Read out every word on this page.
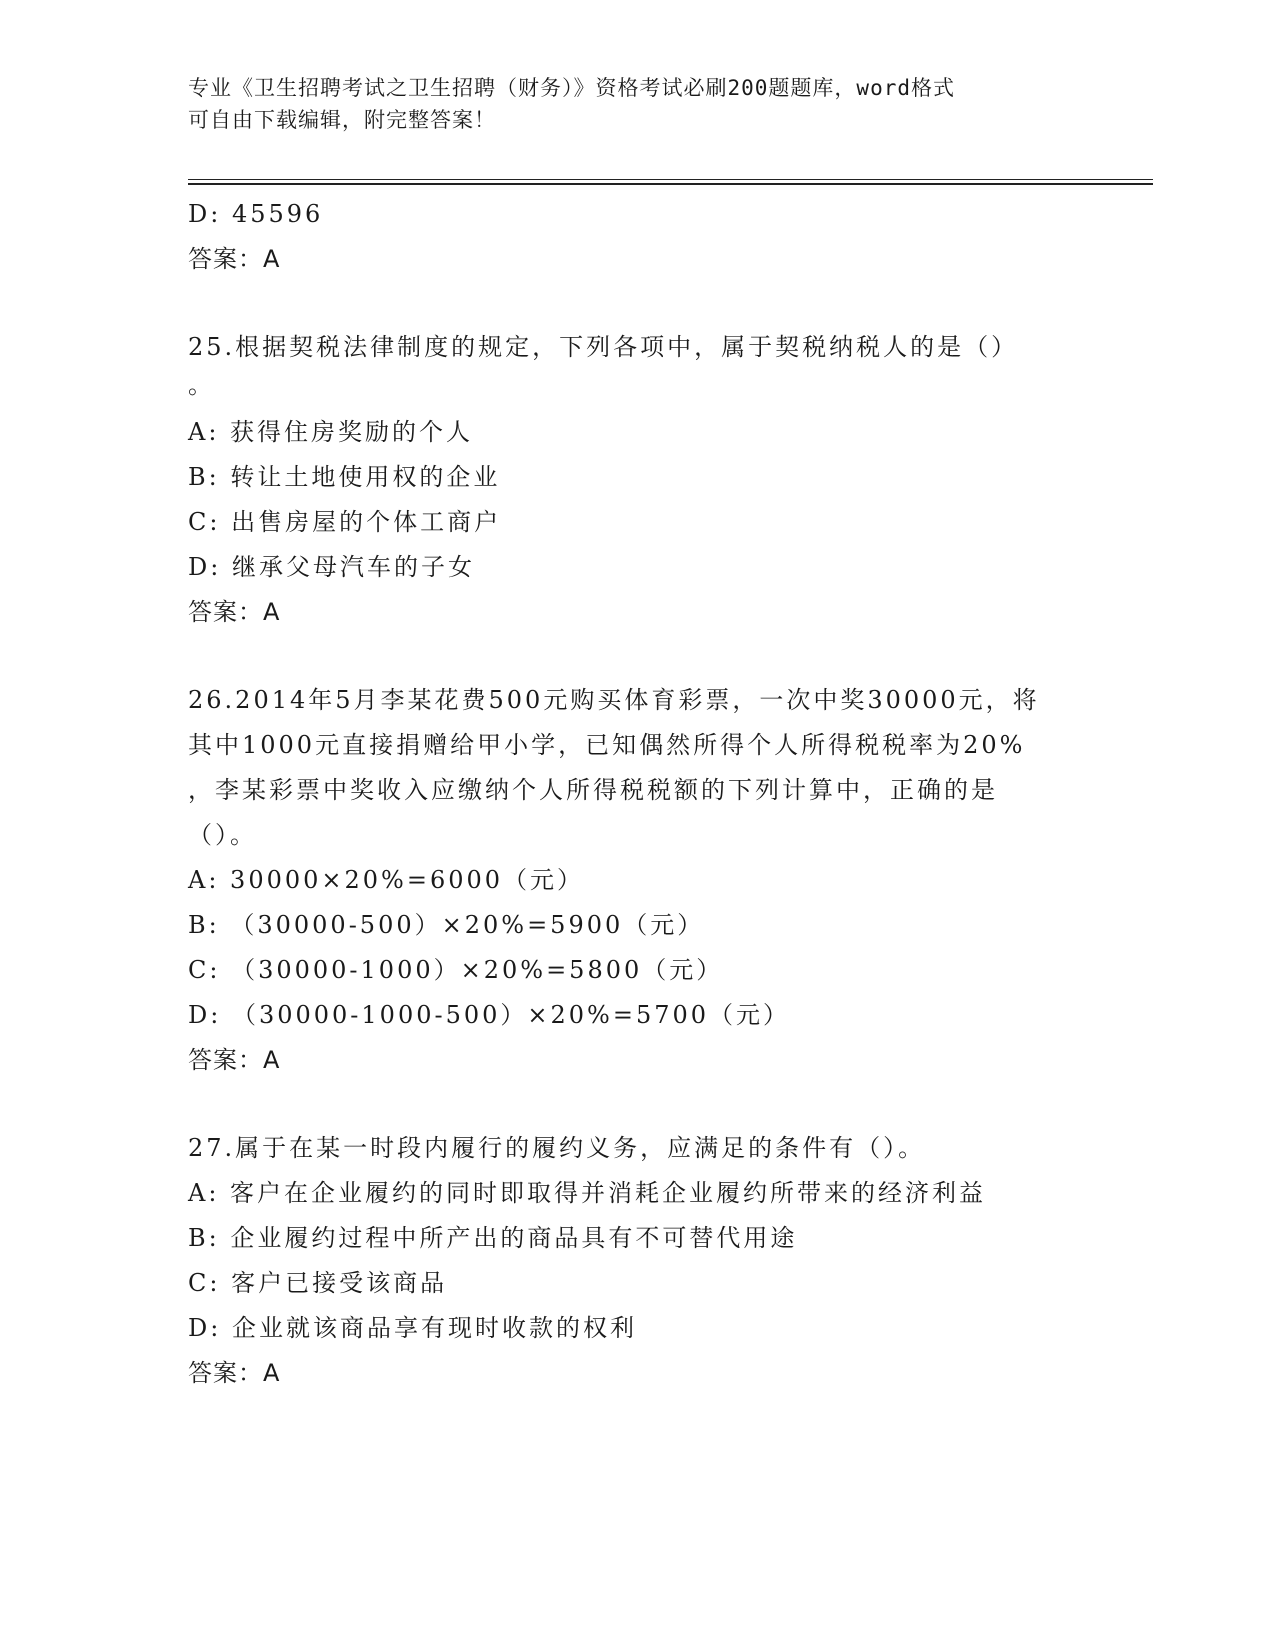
专业《卫生招聘考试之卫生招聘（财务）》资格考试必刷200题题库，word格式
可自由下载编辑，附完整答案！
D: 45596
答案：A
25.根据契税法律制度的规定，下列各项中，属于契税纳税人的是（）
。
A: 获得住房奖励的个人
B: 转让土地使用权的企业
C: 出售房屋的个体工商户
D: 继承父母汽车的子女
答案：A
26.2014年5月李某花费500元购买体育彩票，一次中奖30000元，将
其中1000元直接捐赠给甲小学，已知偶然所得个人所得税税率为20%
，李某彩票中奖收入应缴纳个人所得税税额的下列计算中，正确的是
（）。
A: 30000×20%=6000（元）
B: （30000-500）×20%=5900（元）
C: （30000-1000）×20%=5800（元）
D: （30000-1000-500）×20%=5700（元）
答案：A
27.属于在某一时段内履行的履约义务，应满足的条件有（）。
A: 客户在企业履约的同时即取得并消耗企业履约所带来的经济利益
B: 企业履约过程中所产出的商品具有不可替代用途
C: 客户已接受该商品
D: 企业就该商品享有现时收款的权利
答案：A
